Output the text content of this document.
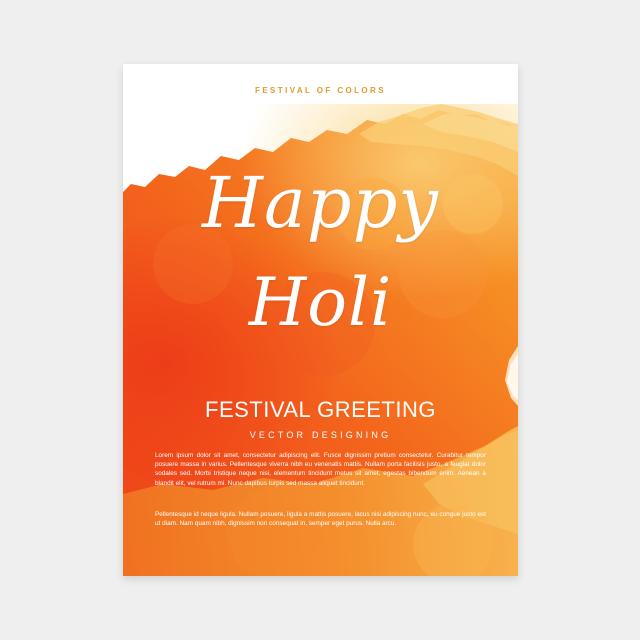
FESTIVAL OF COLORS
Happy
Holi
FESTIVAL GREETING
VECTOR DESIGNING
Lorem ipsum dolor sit amet, consectetur adipiscing elit. Fusce dignissim pretium consectetur. Curabitur tempor posuere massa in varius. Pellentesque viverra nibh eu venenatis mattis. Nullam porta facilisis justo, a feugiat dolor sodales sed. Morbi tristique neque nisi, elementum tincidunt metus sit amet, egestas bibendum enim. Aenean a blandit elit, vel rutrum mi. Nunc dapibus turpis sed massa aliquet tincidunt.
Pellentesque id neque ligula. Nullam posuere, ligula a mattis posuere, lacus nisi adipiscing nunc, eu congue justo est ut diam. Nam quam nibh, dignissim non consequat in, semper eget purus. Nulla arcu.
